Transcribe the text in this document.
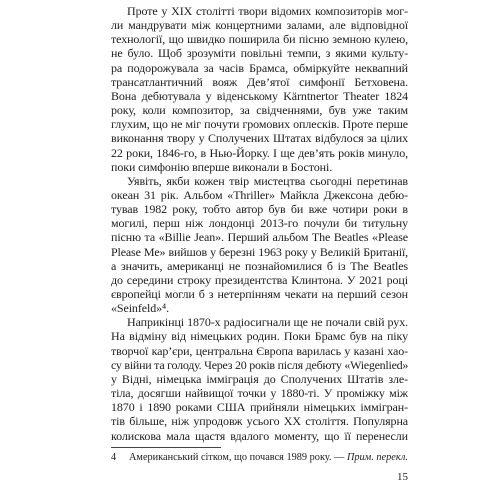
Проте у XIX столітті твори відомих композиторів мог-
ли мандрувати між концертними залами, але відповідної
технології, що швидко поширила би пісню земною кулею,
не було. Щоб зрозуміти повільні темпи, з якими культу-
ра подорожувала за часів Брамса, обміркуйте неквапний
трансатлантичний вояж Дев’ятої симфонії Бетховена.
Вона дебютувала у віденському Kärntnertor Theater 1824
року, коли композитор, за свідченнями, був уже таким
глухим, що не міг почути громових оплесків. Проте перше
виконання твору у Сполучених Штатах відбулося за цілих
22 роки, 1846-го, в Нью-Йорку. І ще дев’ять років минуло,
поки симфонію вперше виконали в Бостоні.
Уявіть, якби кожен твір мистецтва сьогодні перетинав
океан 31 рік. Альбом «Thriller» Майкла Джексона дебю-
тував 1982 року, тобто автор був би вже чотири роки в
могилі, перш ніж лондонці 2013-го почули би титульну
пісню та «Billie Jean». Перший альбом The Beatles «Please
Please Me» вийшов у березні 1963 року у Великій Британії,
а значить, американці не познайомилися б із The Beatles
до середини строку президентства Клинтона. У 2021 році
європейці могли б з нетерпінням чекати на перший сезон
«Seinfeld»⁴.
Наприкінці 1870-х радіосигнали ще не почали свій рух.
На відміну від німецьких родин. Поки Брамс був на піку
творчої кар’єри, центральна Європа варилась у казані хао-
су війни та голоду. Через 20 років після дебюту «Wiegenlied»
у Відні, німецька імміграція до Сполучених Штатів зле-
тіла, досягши найвищої точки у 1880-ті. У проміжку між
1870 і 1890 роками США прийняли німецьких іммігран-
тів більше, ніж упродовж усього XX століття. Популярна
колискова мала щастя вдалого моменту, що її перенесли
4 Американський сітком, що почався 1989 року. — Прим. перекл.
15
